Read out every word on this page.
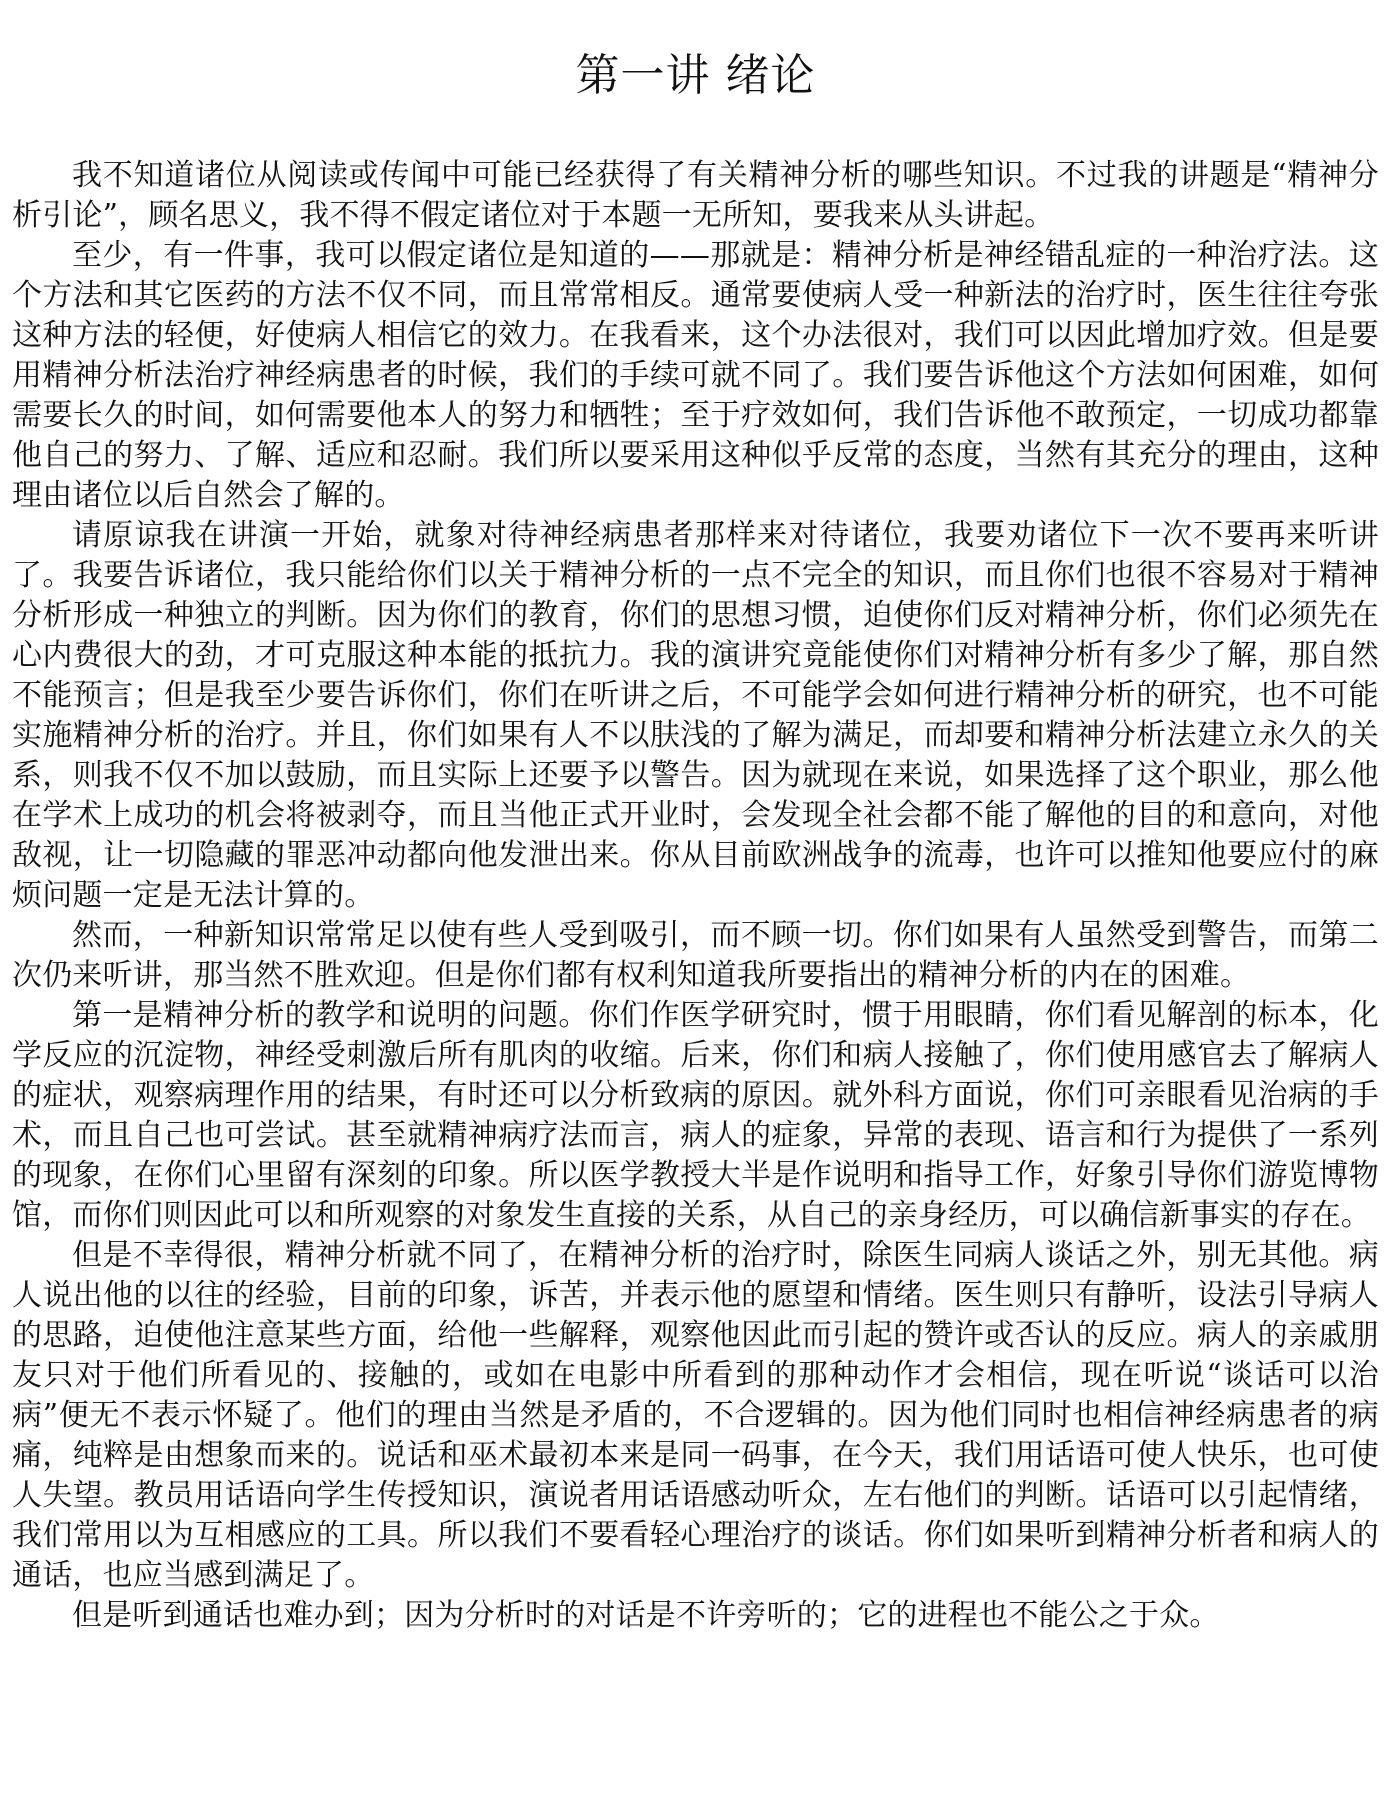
第一讲 绪论

我不知道诸位从阅读或传闻中可能已经获得了有关精神分析的哪些知识。不过我的讲题是“精神分析引论”，顾名思义，我不得不假定诸位对于本题一无所知，要我来从头讲起。

至少，有一件事，我可以假定诸位是知道的——那就是：精神分析是神经错乱症的一种治疗法。这个方法和其它医药的方法不仅不同，而且常常相反。通常要使病人受一种新法的治疗时，医生往往夸张这种方法的轻便，好使病人相信它的效力。在我看来，这个办法很对，我们可以因此增加疗效。但是要用精神分析法治疗神经病患者的时候，我们的手续可就不同了。我们要告诉他这个方法如何困难，如何需要长久的时间，如何需要他本人的努力和牺牲；至于疗效如何，我们告诉他不敢预定，一切成功都靠他自己的努力、了解、适应和忍耐。我们所以要采用这种似乎反常的态度，当然有其充分的理由，这种理由诸位以后自然会了解的。

请原谅我在讲演一开始，就象对待神经病患者那样来对待诸位，我要劝诸位下一次不要再来听讲了。我要告诉诸位，我只能给你们以关于精神分析的一点不完全的知识，而且你们也很不容易对于精神分析形成一种独立的判断。因为你们的教育，你们的思想习惯，迫使你们反对精神分析，你们必须先在心内费很大的劲，才可克服这种本能的抵抗力。我的演讲究竟能使你们对精神分析有多少了解，那自然不能预言；但是我至少要告诉你们，你们在听讲之后，不可能学会如何进行精神分析的研究，也不可能实施精神分析的治疗。并且，你们如果有人不以肤浅的了解为满足，而却要和精神分析法建立永久的关系，则我不仅不加以鼓励，而且实际上还要予以警告。因为就现在来说，如果选择了这个职业，那么他在学术上成功的机会将被剥夺，而且当他正式开业时，会发现全社会都不能了解他的目的和意向，对他敌视，让一切隐藏的罪恶冲动都向他发泄出来。你从目前欧洲战争的流毒，也许可以推知他要应付的麻烦问题一定是无法计算的。

然而，一种新知识常常足以使有些人受到吸引，而不顾一切。你们如果有人虽然受到警告，而第二次仍来听讲，那当然不胜欢迎。但是你们都有权利知道我所要指出的精神分析的内在的困难。

第一是精神分析的教学和说明的问题。你们作医学研究时，惯于用眼睛，你们看见解剖的标本，化学反应的沉淀物，神经受刺激后所有肌肉的收缩。后来，你们和病人接触了，你们使用感官去了解病人的症状，观察病理作用的结果，有时还可以分析致病的原因。就外科方面说，你们可亲眼看见治病的手术，而且自己也可尝试。甚至就精神病疗法而言，病人的症象，异常的表现、语言和行为提供了一系列的现象，在你们心里留有深刻的印象。所以医学教授大半是作说明和指导工作，好象引导你们游览博物馆，而你们则因此可以和所观察的对象发生直接的关系，从自己的亲身经历，可以确信新事实的存在。

但是不幸得很，精神分析就不同了，在精神分析的治疗时，除医生同病人谈话之外，别无其他。病人说出他的以往的经验，目前的印象，诉苦，并表示他的愿望和情绪。医生则只有静听，设法引导病人的思路，迫使他注意某些方面，给他一些解释，观察他因此而引起的赞许或否认的反应。病人的亲戚朋友只对于他们所看见的、接触的，或如在电影中所看到的那种动作才会相信，现在听说“谈话可以治病”便无不表示怀疑了。他们的理由当然是矛盾的，不合逻辑的。因为他们同时也相信神经病患者的病痛，纯粹是由想象而来的。说话和巫术最初本来是同一码事，在今天，我们用话语可使人快乐，也可使人失望。教员用话语向学生传授知识，演说者用话语感动听众，左右他们的判断。话语可以引起情绪，我们常用以为互相感应的工具。所以我们不要看轻心理治疗的谈话。你们如果听到精神分析者和病人的通话，也应当感到满足了。

但是听到通话也难办到；因为分析时的对话是不许旁听的；它的进程也不能公之于众。
